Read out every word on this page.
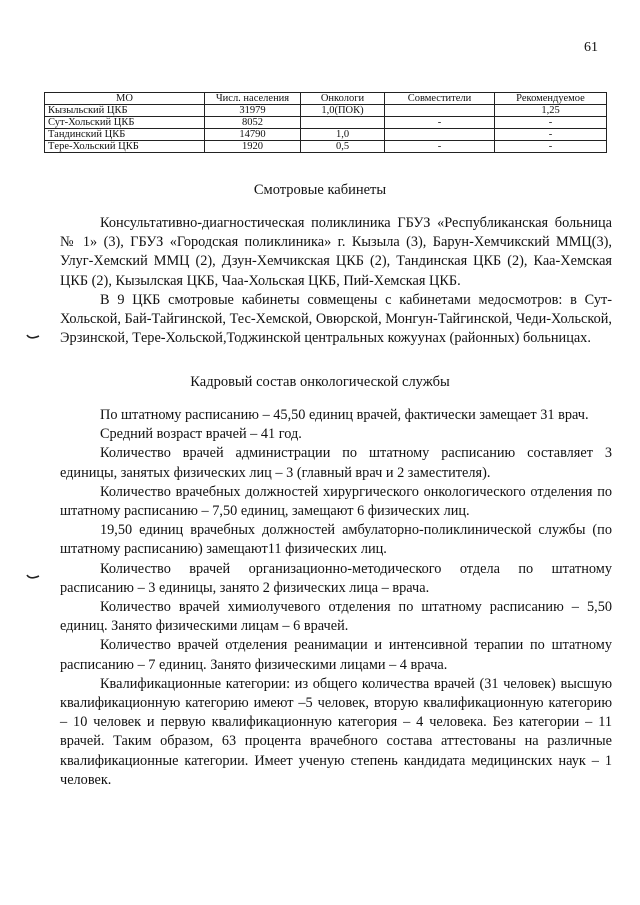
61
МО	Числ. населения	Онкологи	Совместители	Рекомендуемое
Кызыльский ЦКБ	31979	1,0(ПОК)		1,25
Сут-Хольский ЦКБ	8052		-	-
Тандинский ЦКБ	14790	1,0		-
Tере-Хольский ЦКБ	1920	0,5	-	-
Смотровые кабинеты

Консультативно-диагностическая поликлиника ГБУЗ «Республиканская больница № 1» (3), ГБУЗ «Городская поликлиника» г. Кызыла (3), Барун-Хемчикский ММЦ(3), Улуг-Хемский ММЦ (2), Дзун-Хемчикская ЦКБ (2), Тандинская ЦКБ (2), Каа-Хемская ЦКБ (2), Кызылская ЦКБ, Чаа-Хольская ЦКБ, Пий-Хемская ЦКБ.

В 9 ЦКБ смотровые кабинеты совмещены с кабинетами медосмотров: в Сут-Хольской, Бай-Тайгинской, Тес-Хемской, Овюрской, Монгун-Тайгинской, Чеди-Хольской, Эрзинской, Tере-Хольской,Тоджинской центральных кожуунах (районных) больницах.

Кадровый состав онкологической службы

По штатному расписанию – 45,50 единиц врачей, фактически замещает 31 врач.

Средний возраст врачей – 41 год.

Количество врачей администрации по штатному расписанию составляет 3 единицы, занятых физических лиц – 3 (главный врач и 2 заместителя).

Количество врачебных должностей хирургического онкологического отделения по штатному расписанию – 7,50 единиц, замещают 6 физических лиц.

19,50 единиц врачебных должностей амбулаторно-поликлинической службы (по штатному расписанию) замещают11 физических лиц.

Количество врачей организационно-методического отдела по штатному расписанию – 3 единицы, занято 2 физических лица – врача.

Количество врачей химиолучевого отделения по штатному расписанию – 5,50 единиц. Занято физическими лицам – 6 врачей.

Количество врачей отделения реанимации и интенсивной терапии по штатному расписанию – 7 единиц. Занято физическими лицами – 4 врача.

Квалификационные категории: из общего количества врачей (31 человек) высшую квалификационную категорию имеют –5 человек, вторую квалификационную категорию – 10 человек и первую квалификационную категория – 4 человека. Без категории – 11 врачей. Таким образом, 63 процента врачебного состава аттестованы на различные квалификационные категории. Имеет ученую степень кандидата медицинских наук – 1 человек.
